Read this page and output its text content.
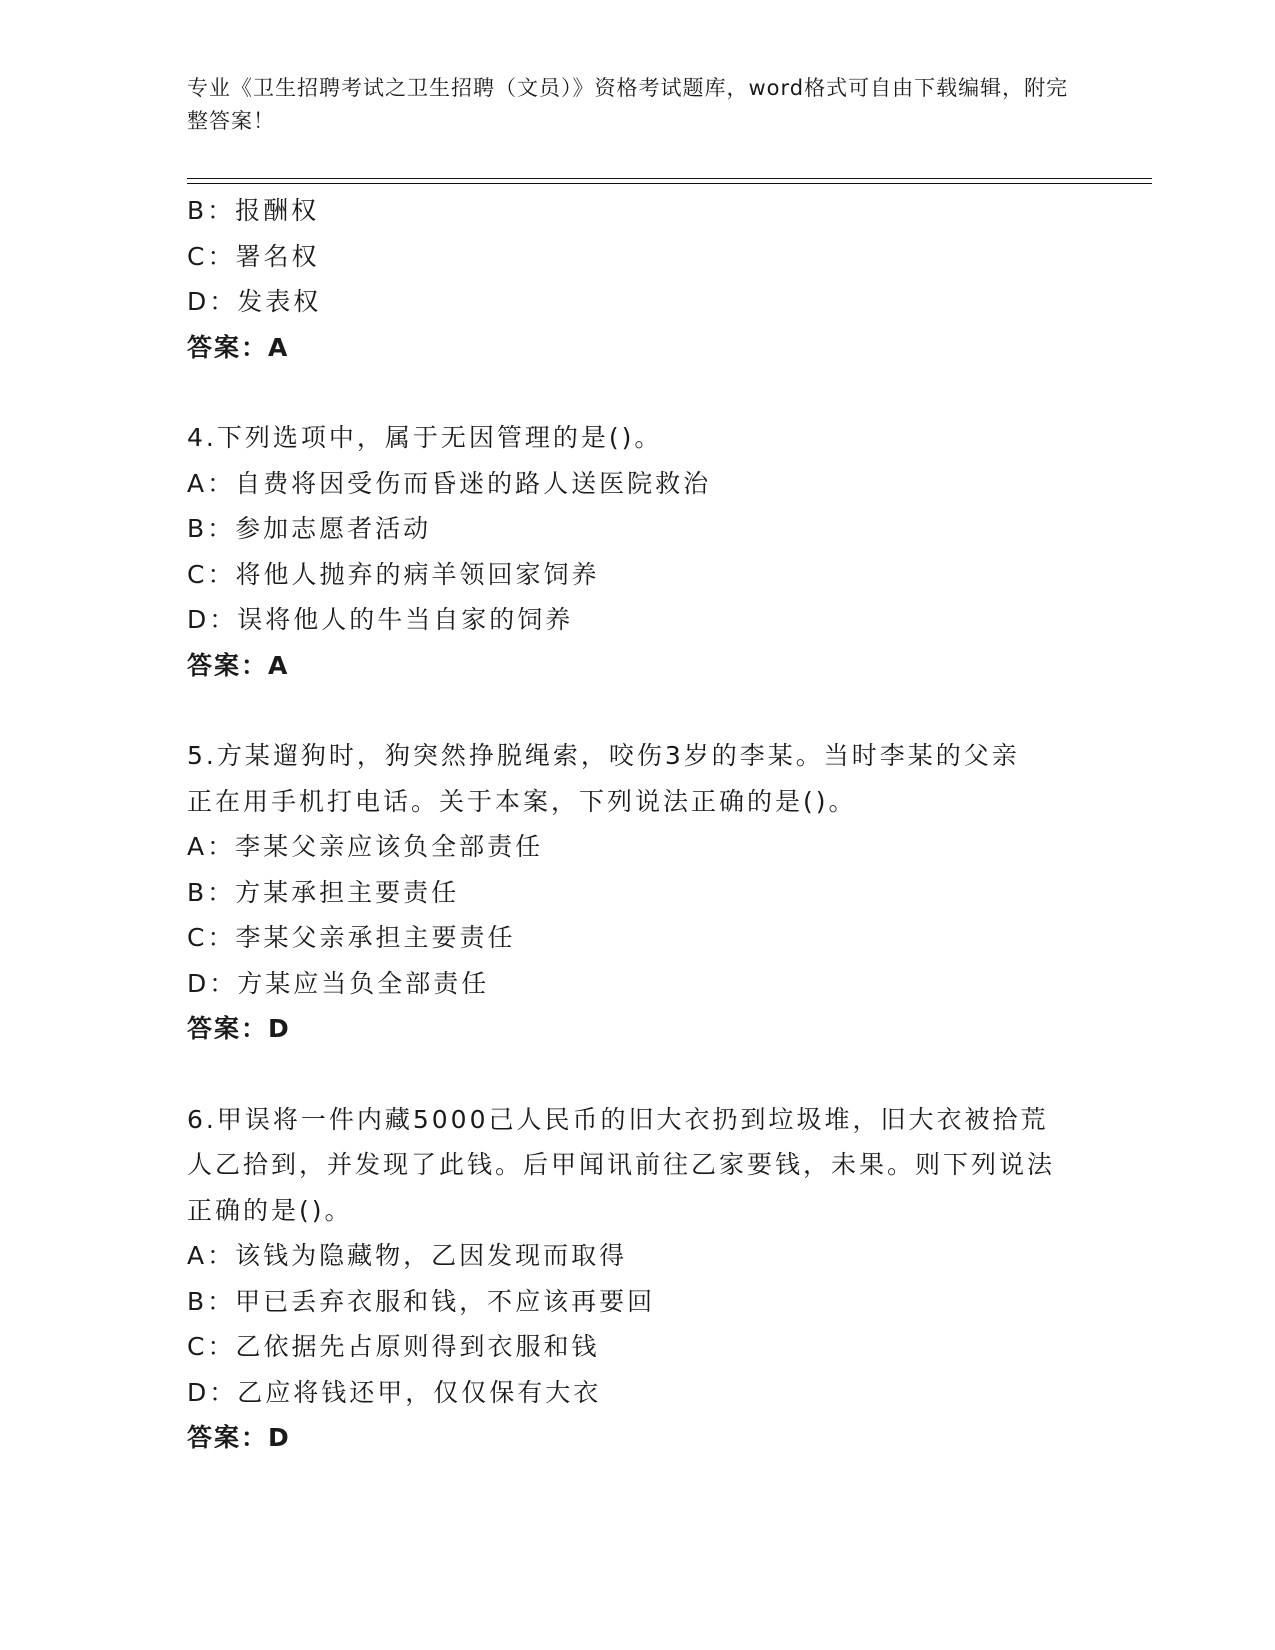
专业《卫生招聘考试之卫生招聘（文员）》资格考试题库，word格式可自由下载编辑，附完整答案！
B：报酬权
C：署名权
D：发表权
答案：A
4.下列选项中，属于无因管理的是()。
A：自费将因受伤而昏迷的路人送医院救治
B：参加志愿者活动
C：将他人抛弃的病羊领回家饲养
D：误将他人的牛当自家的饲养
答案：A
5.方某遛狗时，狗突然挣脱绳索，咬伤3岁的李某。当时李某的父亲正在用手机打电话。关于本案，下列说法正确的是()。
A：李某父亲应该负全部责任
B：方某承担主要责任
C：李某父亲承担主要责任
D：方某应当负全部责任
答案：D
6.甲误将一件内藏5000己人民币的旧大衣扔到垃圾堆，旧大衣被拾荒人乙拾到，并发现了此钱。后甲闻讯前往乙家要钱，未果。则下列说法正确的是()。
A：该钱为隐藏物，乙因发现而取得
B：甲已丢弃衣服和钱，不应该再要回
C：乙依据先占原则得到衣服和钱
D：乙应将钱还甲，仅仅保有大衣
答案：D
